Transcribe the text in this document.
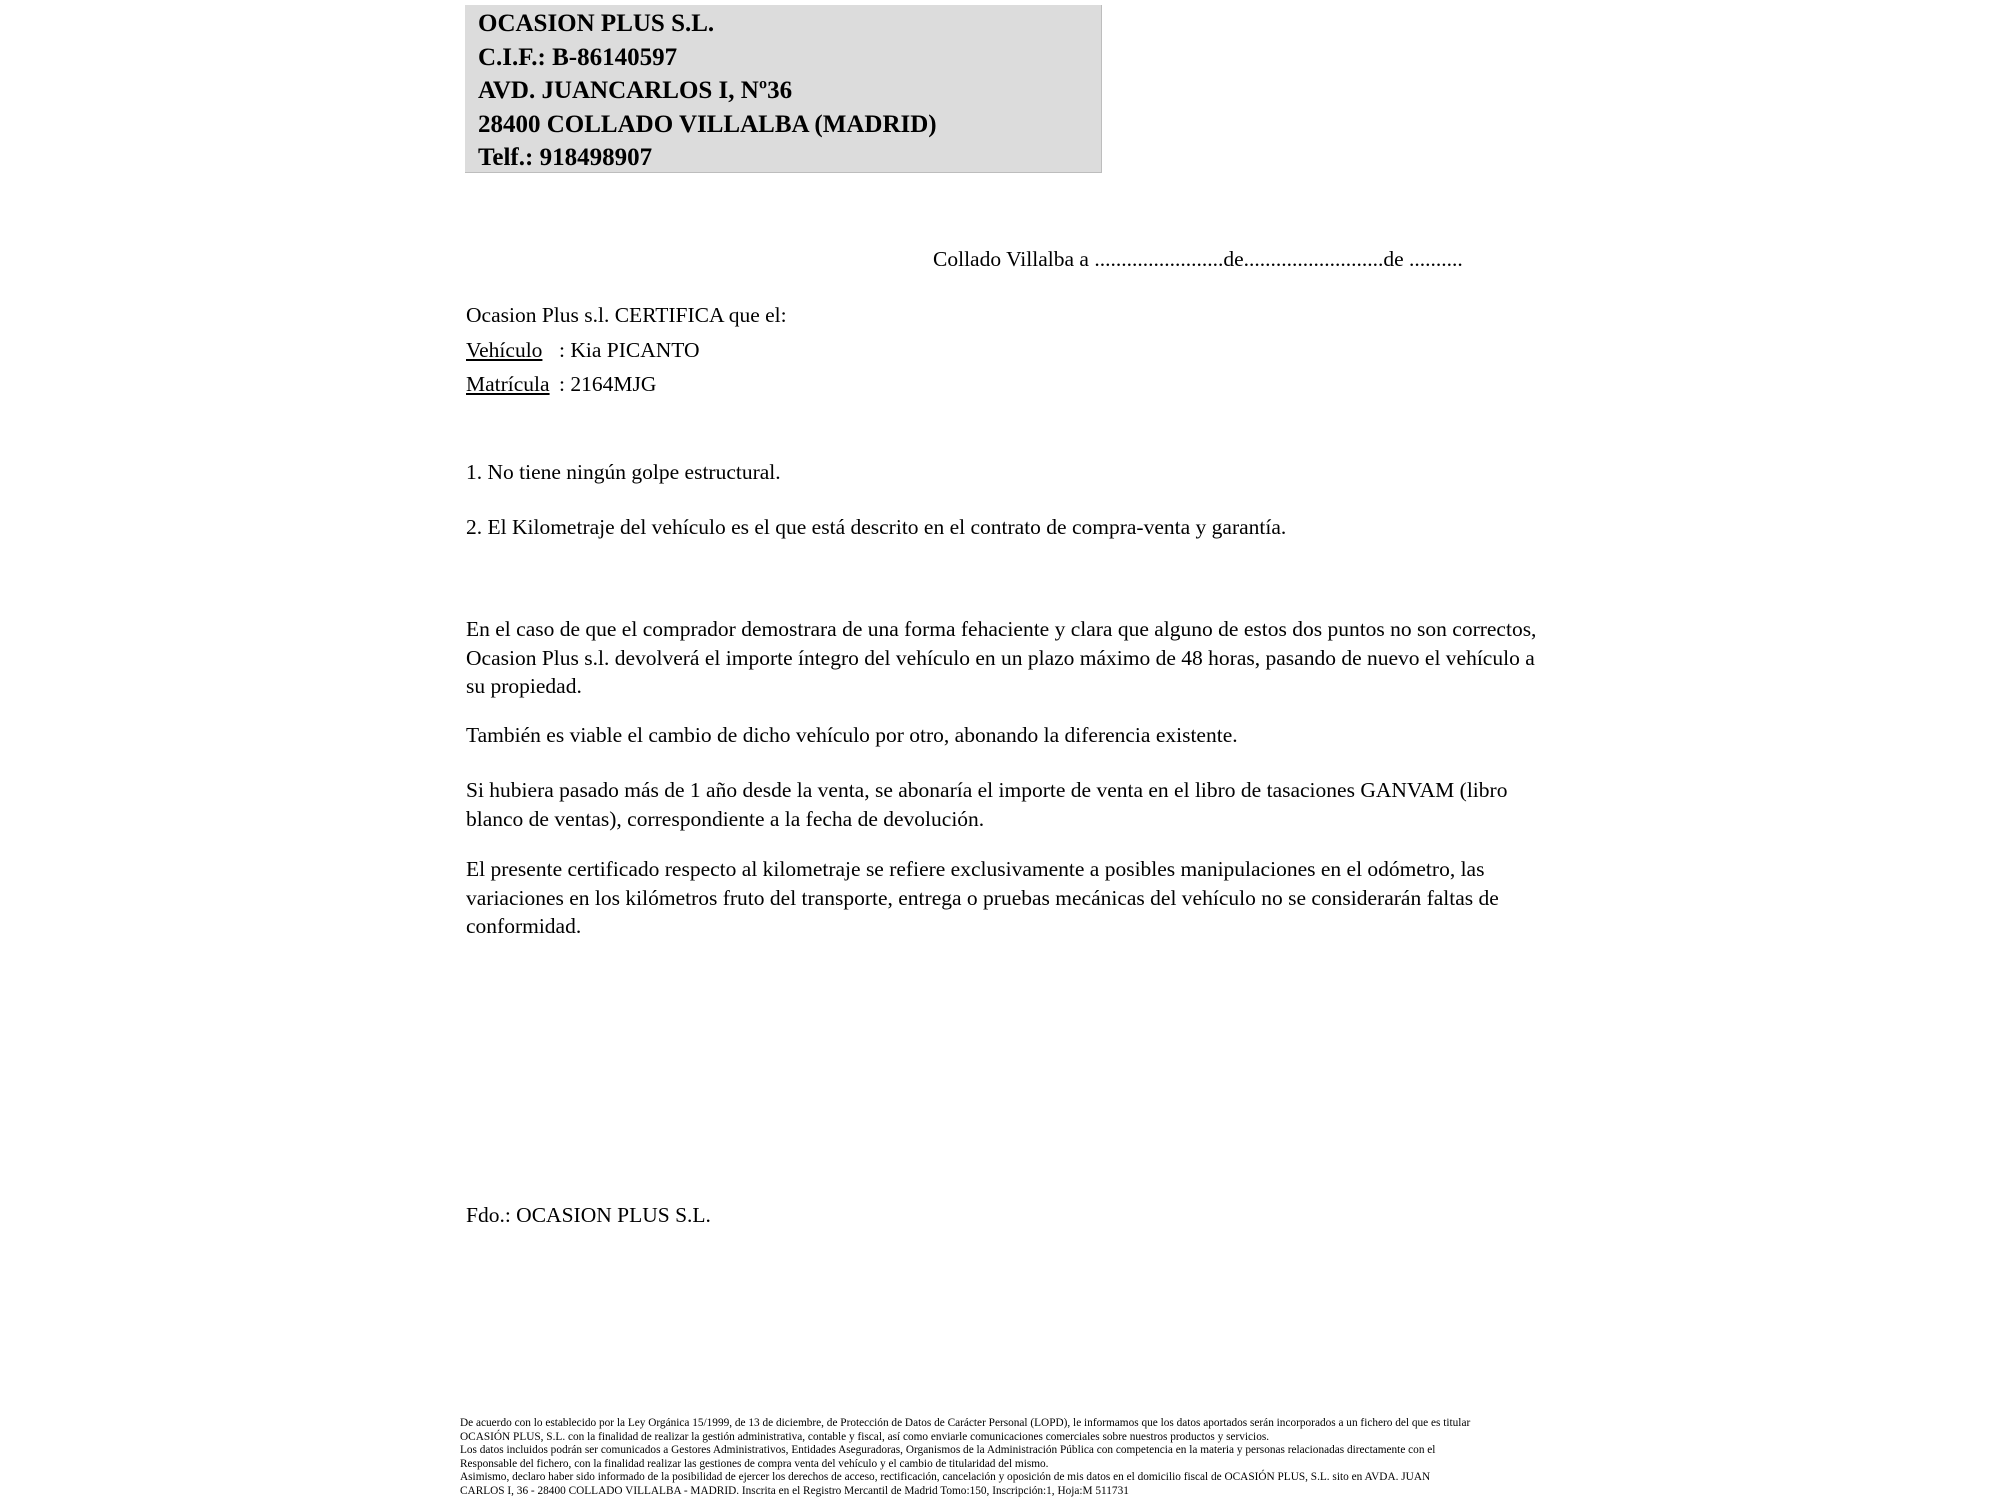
OCASION PLUS S.L.
C.I.F.: B-86140597
AVD. JUANCARLOS I, Nº36
28400 COLLADO VILLALBA (MADRID)
Telf.: 918498907
Collado Villalba a ........................de..........................de ..........
Ocasion Plus s.l. CERTIFICA que el:
Vehículo : Kia PICANTO
Matrícula : 2164MJG
1. No tiene ningún golpe estructural.
2. El Kilometraje del vehículo es el que está descrito en el contrato de compra-venta y garantía.

En el caso de que el comprador demostrara de una forma fehaciente y clara que alguno de estos dos puntos no son correctos, Ocasion Plus s.l. devolverá el importe íntegro del vehículo en un plazo máximo de 48 horas, pasando de nuevo el vehículo a su propiedad.

También es viable el cambio de dicho vehículo por otro, abonando la diferencia existente.

Si hubiera pasado más de 1 año desde la venta, se abonaría el importe de venta en el libro de tasaciones GANVAM (libro blanco de ventas), correspondiente a la fecha de devolución.

El presente certificado respecto al kilometraje se refiere exclusivamente a posibles manipulaciones en el odómetro, las variaciones en los kilómetros fruto del transporte, entrega o pruebas mecánicas del vehículo no se considerarán faltas de conformidad.

Fdo.: OCASION PLUS S.L.
De acuerdo con lo establecido por la Ley Orgánica 15/1999, de 13 de diciembre, de Protección de Datos de Carácter Personal (LOPD), le informamos que los datos aportados serán incorporados a un fichero del que es titular
OCASIÓN PLUS, S.L. con la finalidad de realizar la gestión administrativa, contable y fiscal, así como enviarle comunicaciones comerciales sobre nuestros productos y servicios.
Los datos incluidos podrán ser comunicados a Gestores Administrativos, Entidades Aseguradoras, Organismos de la Administración Pública con competencia en la materia y personas relacionadas directamente con el
Responsable del fichero, con la finalidad realizar las gestiones de compra venta del vehículo y el cambio de titularidad del mismo.
Asimismo, declaro haber sido informado de la posibilidad de ejercer los derechos de acceso, rectificación, cancelación y oposición de mis datos en el domicilio fiscal de OCASIÓN PLUS, S.L. sito en AVDA. JUAN
CARLOS I, 36 - 28400 COLLADO VILLALBA - MADRID. Inscrita en el Registro Mercantil de Madrid Tomo:150, Inscripción:1, Hoja:M 511731
